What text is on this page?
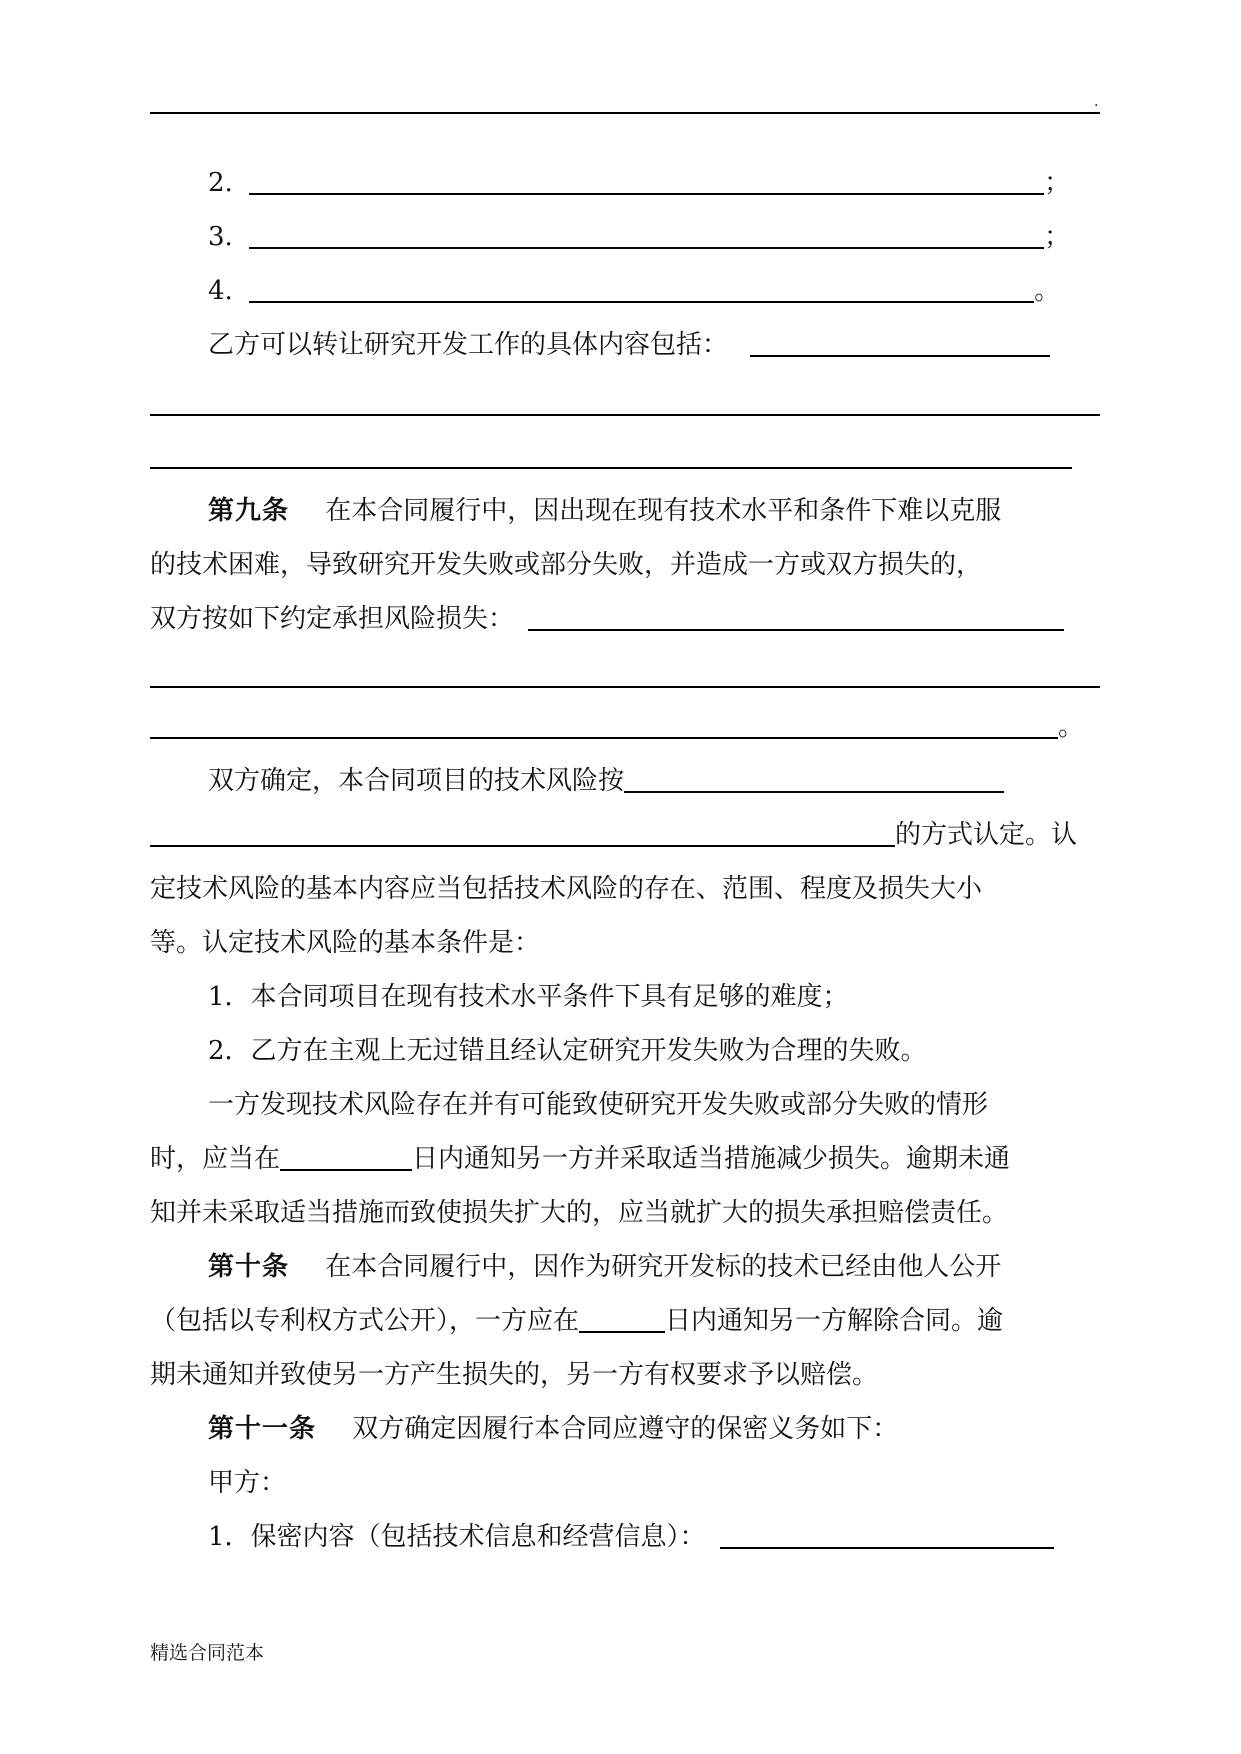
.
2.	；
3.	；
4.	。
乙方可以转让研究开发工作的具体内容包括：
第九条 在本合同履行中，因出现在现有技术水平和条件下难以克服
的技术困难，导致研究开发失败或部分失败，并造成一方或双方损失的，
双方按如下约定承担风险损失：
。
双方确定，本合同项目的技术风险按
的方式认定。认
定技术风险的基本内容应当包括技术风险的存在、范围、程度及损失大小
等。认定技术风险的基本条件是：
1．本合同项目在现有技术水平条件下具有足够的难度；
2．乙方在主观上无过错且经认定研究开发失败为合理的失败。
一方发现技术风险存在并有可能致使研究开发失败或部分失败的情形
时，应当在	日内通知另一方并采取适当措施减少损失。逾期未通
知并未采取适当措施而致使损失扩大的，应当就扩大的损失承担赔偿责任。
第十条 在本合同履行中，因作为研究开发标的技术已经由他人公开
（包括以专利权方式公开），一方应在	日内通知另一方解除合同。逾
期未通知并致使另一方产生损失的，另一方有权要求予以赔偿。
第十一条 双方确定因履行本合同应遵守的保密义务如下：
甲方：
1．保密内容（包括技术信息和经营信息）：
精选合同范本
